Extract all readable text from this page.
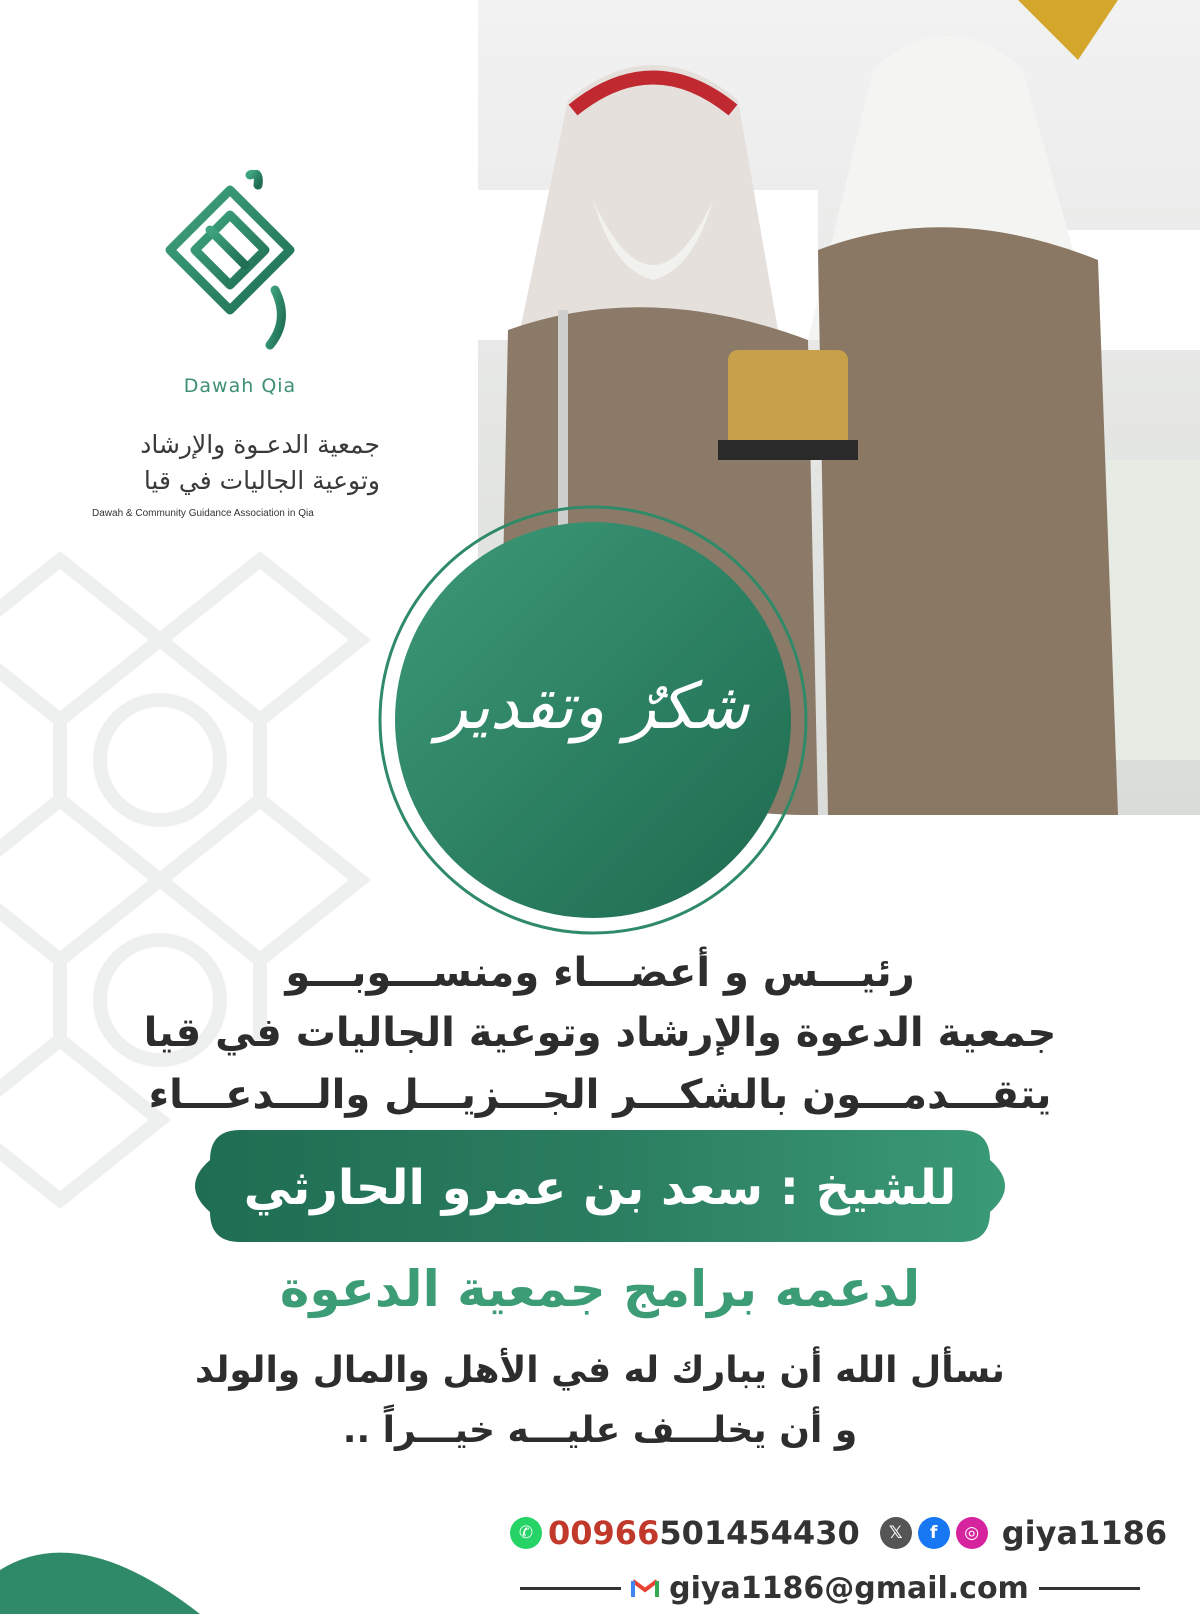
Dawah Qia
جمعية الدعـوة والإرشاد
وتوعية الجاليات في قيا
Dawah & Community Guidance Association in Qia
شكرٌ وتقدير
رئيـــس و أعضـــاء ومنســـوبـــو
جمعية الدعوة والإرشاد وتوعية الجاليات في قيا
يتقـــدمـــون بالشكـــر الجـــزيـــل والـــدعـــاء
للشيخ : سعد بن عمرو الحارثي
لدعمه برامج جمعية الدعوة
نسأل الله أن يبارك له في الأهل والمال والولد
و أن يخلـــف عليـــه خيـــراً ..
✆ 00966501454430	𝕏	f	◎ giya1186
giya1186@gmail.com
